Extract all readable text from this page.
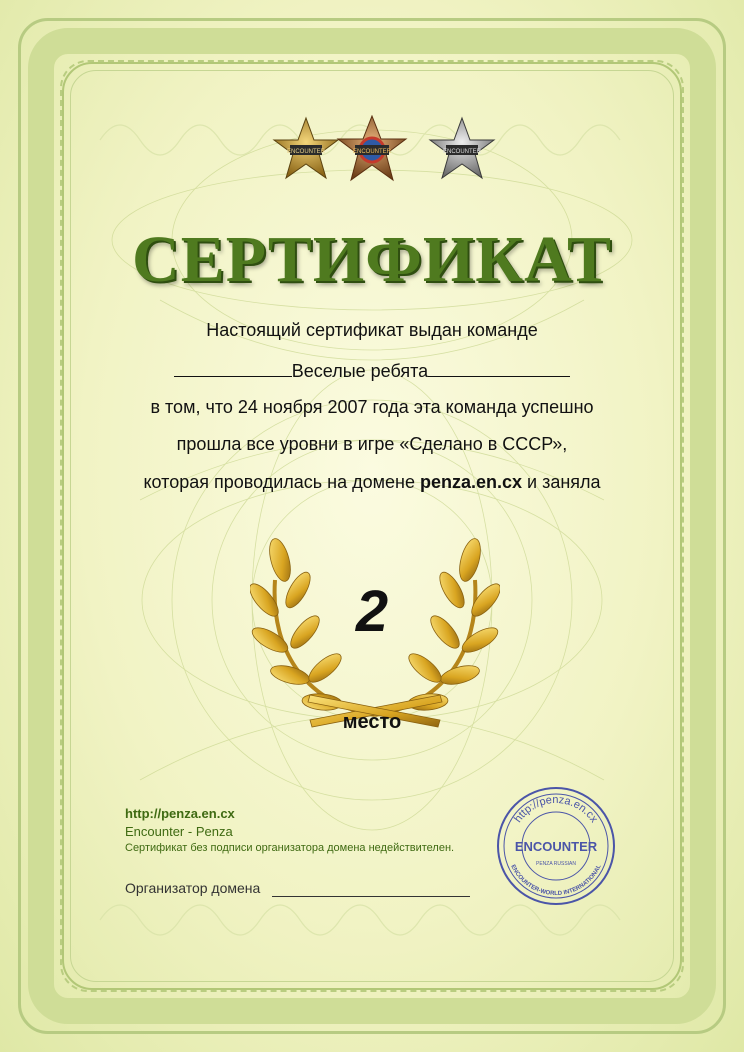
ENCOUNTER	ENCOUNTER	ENCOUNTER
СЕРТИФИКАТ
Настоящий сертификат выдан команде
Веселые ребята
в том, что 24 ноября 2007 года эта команда успешно
прошла все уровни в игре «Сделано в СССР»,
которая проводилась на домене penza.en.cx и заняла
2
место
http://penza.en.cx
Encounter - Penza
Сертификат без подписи организатора домена недействителен.
Организатор домена
http://penza.en.cx
ENCOUNTER-WORLD INTERNATIONAL
ENCOUNTER
PENZA RUSSIAN
